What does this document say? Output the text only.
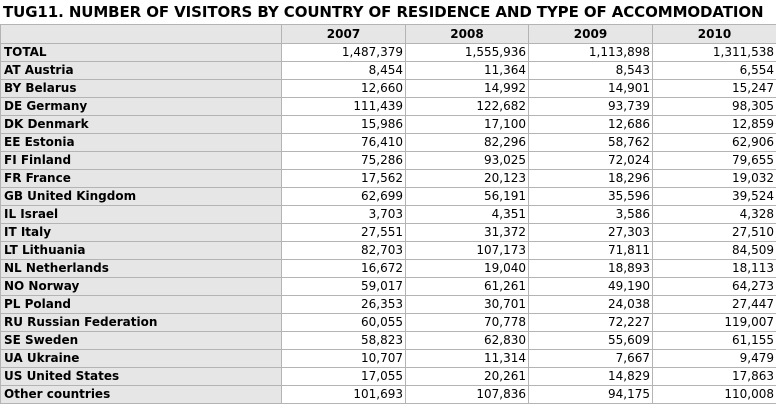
TUG11. NUMBER OF VISITORS BY COUNTRY OF RESIDENCE AND TYPE OF ACCOMMODATION
	2007	2008	2009	2010
TOTAL	1,487,379	1,555,936	1,113,898	1,311,538
AT Austria	8,454	11,364	8,543	6,554
BY Belarus	12,660	14,992	14,901	15,247
DE Germany	111,439	122,682	93,739	98,305
DK Denmark	15,986	17,100	12,686	12,859
EE Estonia	76,410	82,296	58,762	62,906
FI Finland	75,286	93,025	72,024	79,655
FR France	17,562	20,123	18,296	19,032
GB United Kingdom	62,699	56,191	35,596	39,524
IL Israel	3,703	4,351	3,586	4,328
IT Italy	27,551	31,372	27,303	27,510
LT Lithuania	82,703	107,173	71,811	84,509
NL Netherlands	16,672	19,040	18,893	18,113
NO Norway	59,017	61,261	49,190	64,273
PL Poland	26,353	30,701	24,038	27,447
RU Russian Federation	60,055	70,778	72,227	119,007
SE Sweden	58,823	62,830	55,609	61,155
UA Ukraine	10,707	11,314	7,667	9,479
US United States	17,055	20,261	14,829	17,863
Other countries	101,693	107,836	94,175	110,008
